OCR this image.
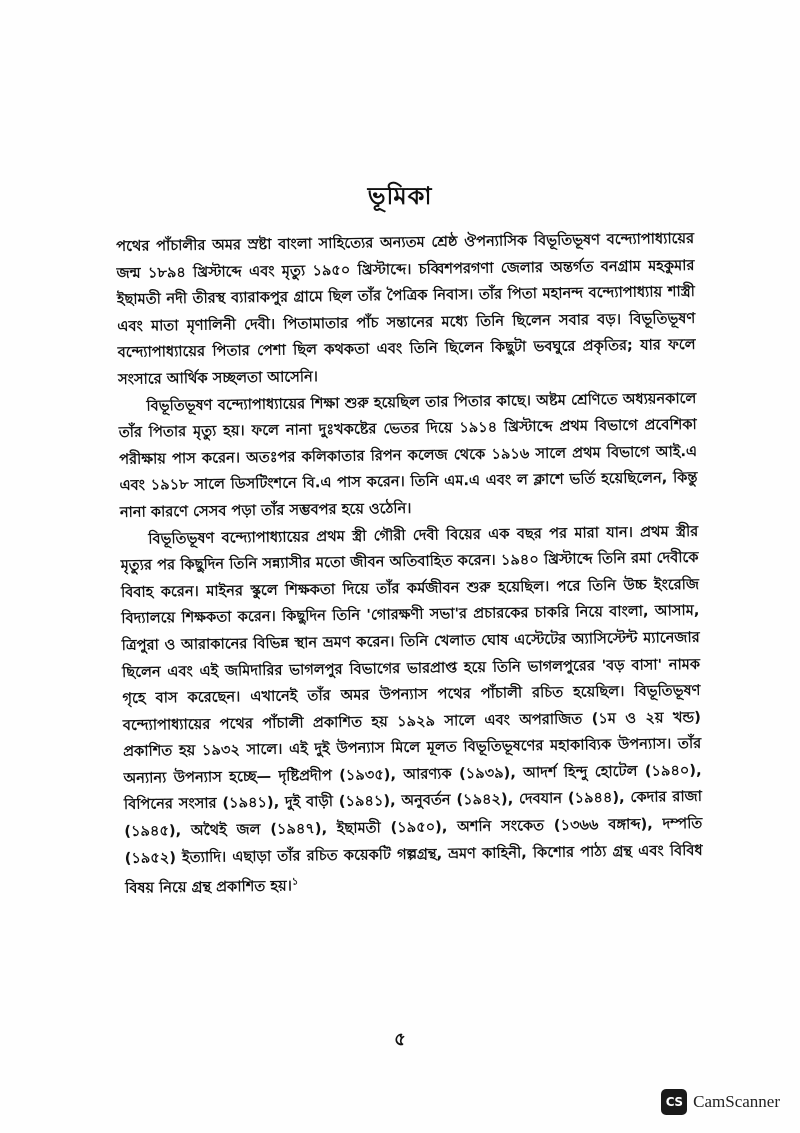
ভূমিকা

পথের পাঁচালীর অমর স্রষ্টা বাংলা সাহিত্যের অন্যতম শ্রেষ্ঠ ঔপন্যাসিক বিভূতিভূষণ বন্দ্যোপাধ্যায়ের জন্ম ১৮৯৪ খ্রিস্টাব্দে এবং মৃত্যু ১৯৫০ খ্রিস্টাব্দে। চব্বিশপরগণা জেলার অন্তর্গত বনগ্রাম মহকুমার ইছামতী নদী তীরস্থ ব্যারাকপুর গ্রামে ছিল তাঁর পৈত্রিক নিবাস। তাঁর পিতা মহানন্দ বন্দ্যোপাধ্যায় শাস্ত্রী এবং মাতা মৃণালিনী দেবী। পিতামাতার পাঁচ সন্তানের মধ্যে তিনি ছিলেন সবার বড়। বিভূতিভূষণ বন্দ্যোপাধ্যায়ের পিতার পেশা ছিল কথকতা এবং তিনি ছিলেন কিছুটা ভবঘুরে প্রকৃতির; যার ফলে সংসারে আর্থিক সচ্ছলতা আসেনি।

বিভূতিভূষণ বন্দ্যোপাধ্যায়ের শিক্ষা শুরু হয়েছিল তার পিতার কাছে। অষ্টম শ্রেণিতে অধ্যয়নকালে তাঁর পিতার মৃত্যু হয়। ফলে নানা দুঃখকষ্টের ভেতর দিয়ে ১৯১৪ খ্রিস্টাব্দে প্রথম বিভাগে প্রবেশিকা পরীক্ষায় পাস করেন। অতঃপর কলিকাতার রিপন কলেজ থেকে ১৯১৬ সালে প্রথম বিভাগে আই.এ এবং ১৯১৮ সালে ডিসটিংশনে বি.এ পাস করেন। তিনি এম.এ এবং ল ক্লাশে ভর্তি হয়েছিলেন, কিন্তু নানা কারণে সেসব পড়া তাঁর সম্ভবপর হয়ে ওঠেনি।

বিভূতিভূষণ বন্দ্যোপাধ্যায়ের প্রথম স্ত্রী গৌরী দেবী বিয়ের এক বছর পর মারা যান। প্রথম স্ত্রীর মৃত্যুর পর কিছুদিন তিনি সন্ন্যাসীর মতো জীবন অতিবাহিত করেন। ১৯৪০ খ্রিস্টাব্দে তিনি রমা দেবীকে বিবাহ করেন। মাইনর স্কুলে শিক্ষকতা দিয়ে তাঁর কর্মজীবন শুরু হয়েছিল। পরে তিনি উচ্চ ইংরেজি বিদ্যালয়ে শিক্ষকতা করেন। কিছুদিন তিনি 'গোরক্ষণী সভা'র প্রচারকের চাকরি নিয়ে বাংলা, আসাম, ত্রিপুরা ও আরাকানের বিভিন্ন স্থান ভ্রমণ করেন। তিনি খেলাত ঘোষ এস্টেটের অ্যাসিস্টেন্ট ম্যানেজার ছিলেন এবং এই জমিদারির ভাগলপুর বিভাগের ভারপ্রাপ্ত হয়ে তিনি ভাগলপুরের 'বড় বাসা' নামক গৃহে বাস করেছেন। এখানেই তাঁর অমর উপন্যাস পথের পাঁচালী রচিত হয়েছিল। বিভূতিভূষণ বন্দ্যোপাধ্যায়ের পথের পাঁচালী প্রকাশিত হয় ১৯২৯ সালে এবং অপরাজিত (১ম ও ২য় খন্ড) প্রকাশিত হয় ১৯৩২ সালে। এই দুই উপন্যাস মিলে মূলত বিভূতিভূষণের মহাকাব্যিক উপন্যাস। তাঁর অন্যান্য উপন্যাস হচ্ছে— দৃষ্টিপ্রদীপ (১৯৩৫), আরণ্যক (১৯৩৯), আদর্শ হিন্দু হোটেল (১৯৪০), বিপিনের সংসার (১৯৪১), দুই বাড়ী (১৯৪১), অনুবর্তন (১৯৪২), দেবযান (১৯৪৪), কেদার রাজা (১৯৪৫), অথৈই জল (১৯৪৭), ইছামতী (১৯৫০), অশনি সংকেত (১৩৬৬ বঙ্গাব্দ), দম্পতি (১৯৫২) ইত্যাদি। এছাড়া তাঁর রচিত কয়েকটি গল্পগ্রন্থ, ভ্রমণ কাহিনী, কিশোর পাঠ্য গ্রন্থ এবং বিবিধ বিষয় নিয়ে গ্রন্থ প্রকাশিত হয়।$^১$

৫
CS CamScanner
